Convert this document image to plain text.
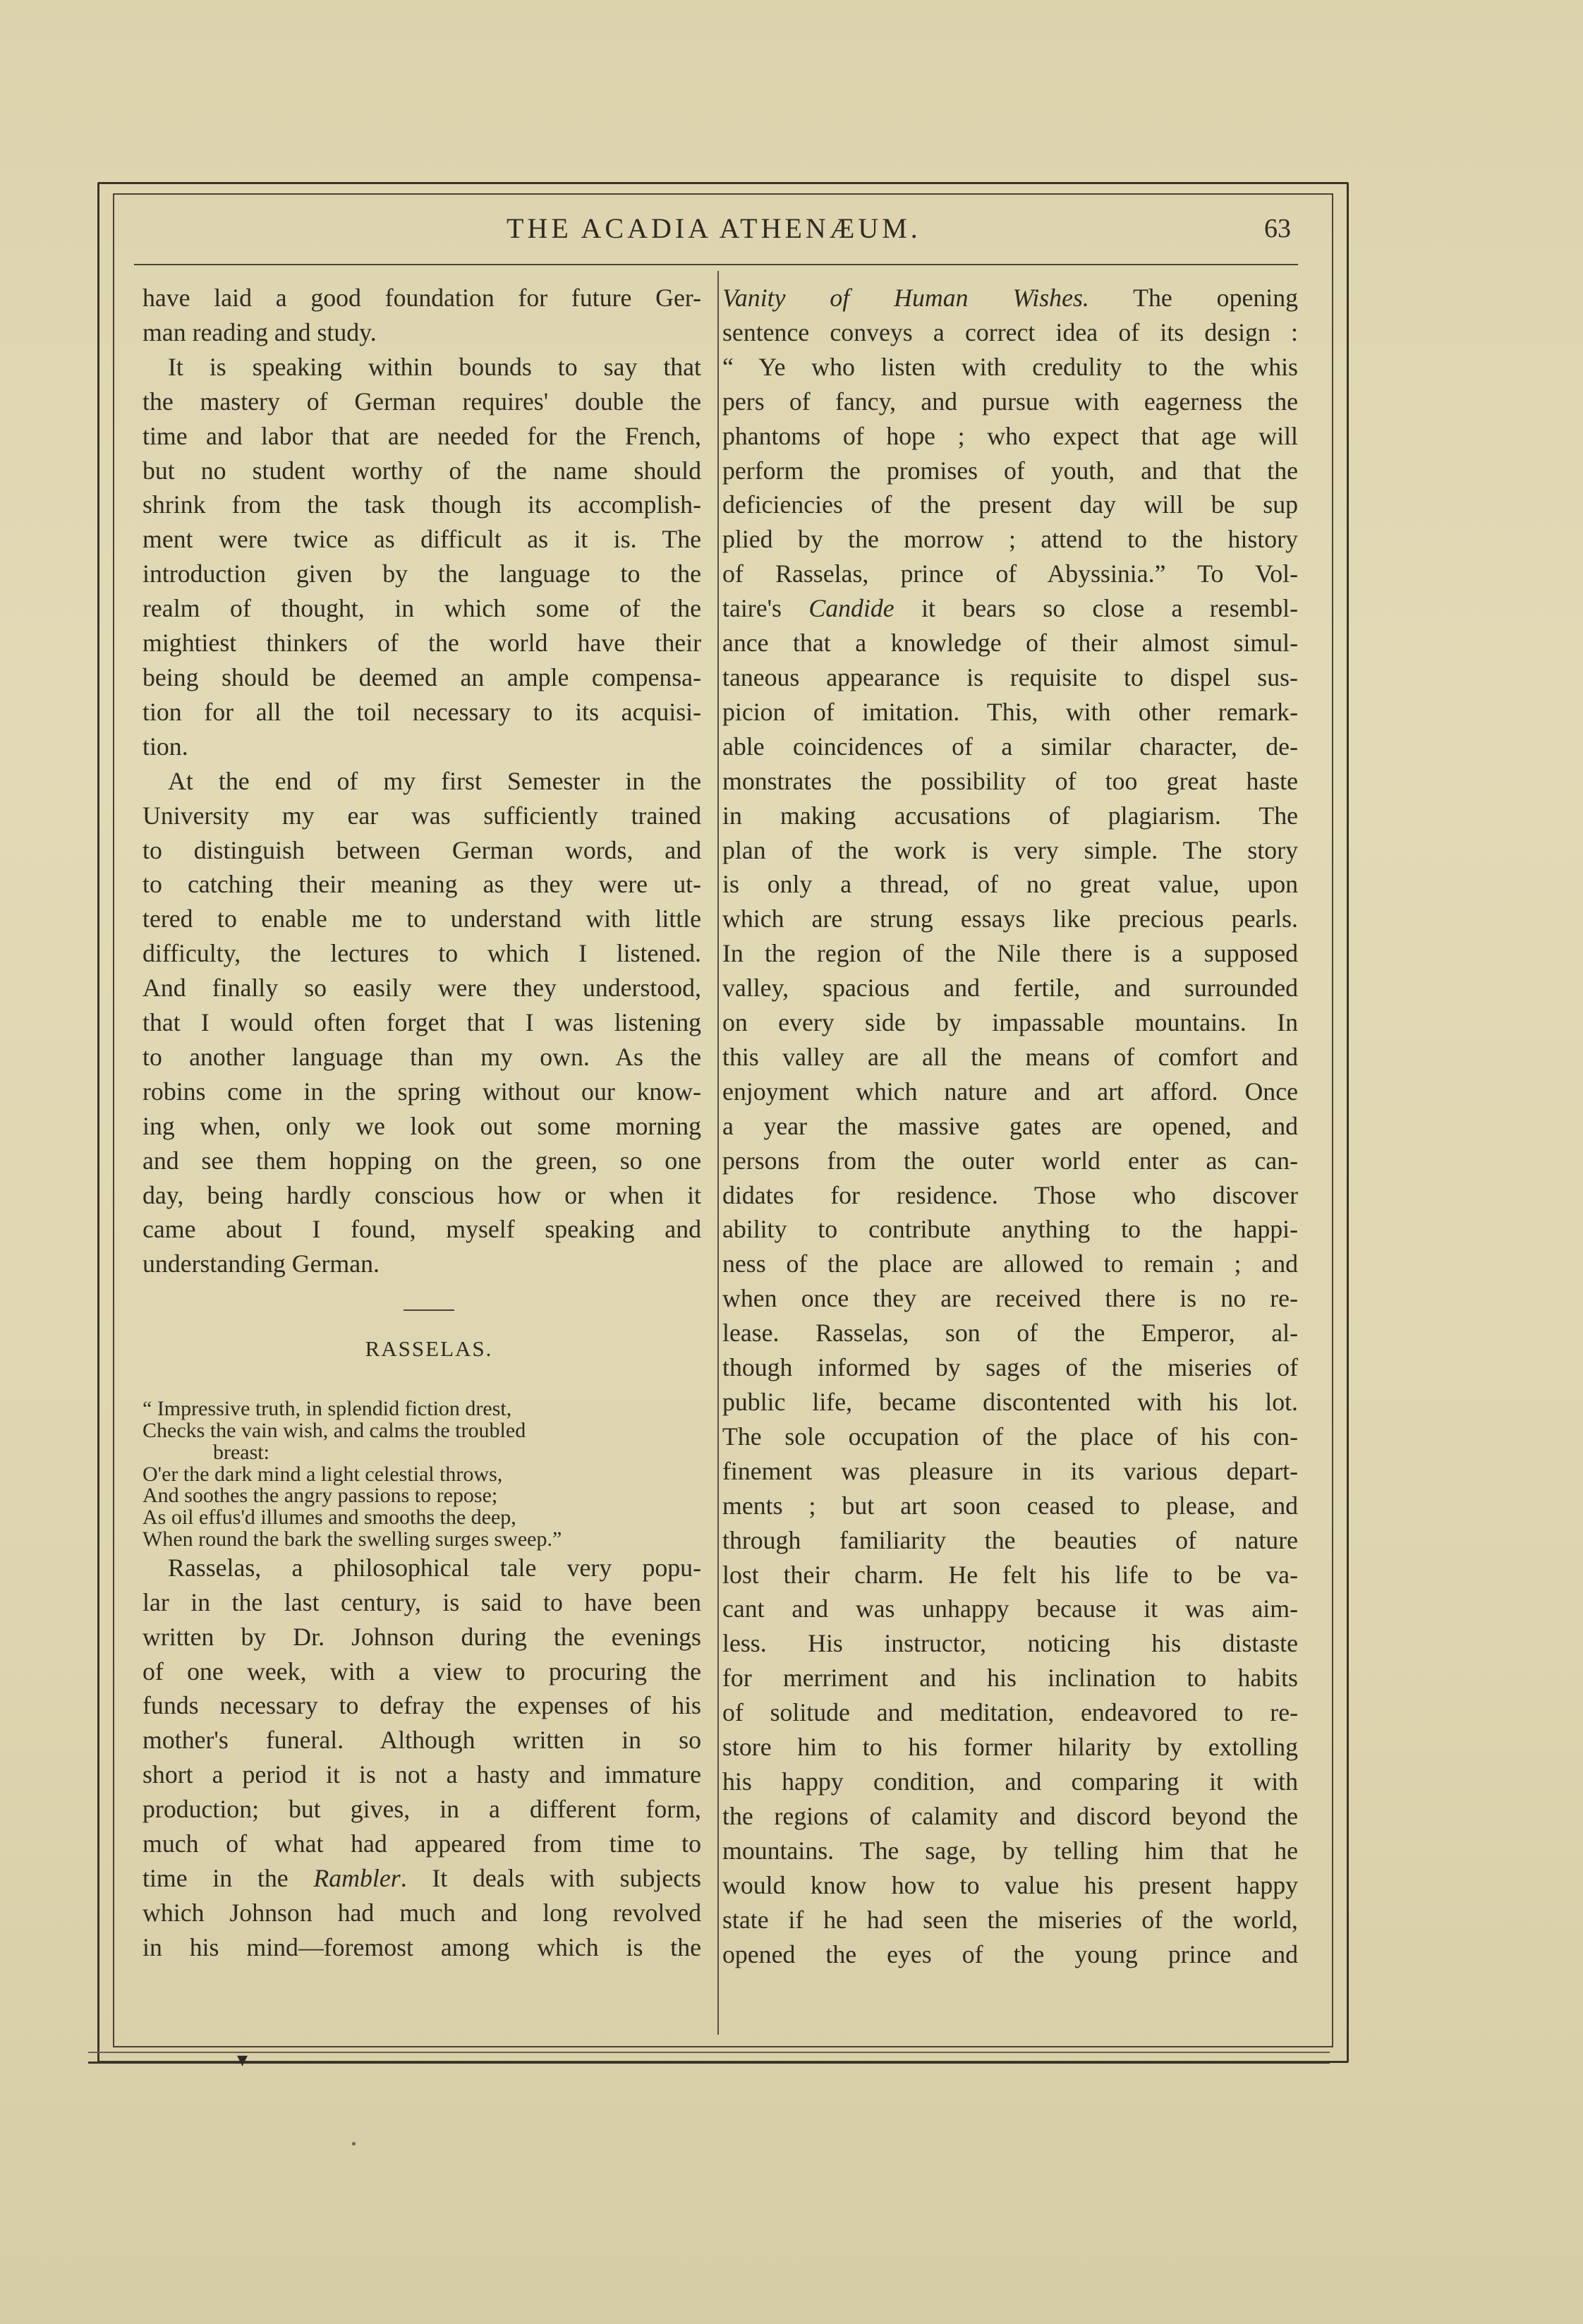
▾
THE ACADIA ATHENÆUM.	63

have laid a good foundation for future Ger-
man reading and study.

It is speaking within bounds to say that
the mastery of German requires' double the
time and labor that are needed for the French,
but no student worthy of the name should
shrink from the task though its accomplish-
ment were twice as difficult as it is. The
introduction given by the language to the
realm of thought, in which some of the
mightiest thinkers of the world have their
being should be deemed an ample compensa-
tion for all the toil necessary to its acquisi-
tion.

At the end of my first Semester in the
University my ear was sufficiently trained
to distinguish between German words, and
to catching their meaning as they were ut-
tered to enable me to understand with little
difficulty, the lectures to which I listened.
And finally so easily were they understood,
that I would often forget that I was listening
to another language than my own. As the
robins come in the spring without our know-
ing when, only we look out some morning
and see them hopping on the green, so one
day, being hardly conscious how or when it
came about I found, myself speaking and
understanding German.

RASSELAS.
“ Impressive truth, in splendid fiction drest,
Checks the vain wish, and calms the troubled
breast:
O'er the dark mind a light celestial throws,
And soothes the angry passions to repose;
As oil effus'd illumes and smooths the deep,
When round the bark the swelling surges sweep.”

Rasselas, a philosophical tale very popu-
lar in the last century, is said to have been
written by Dr. Johnson during the evenings
of one week, with a view to procuring the
funds necessary to defray the expenses of his
mother's funeral. Although written in so
short a period it is not a hasty and immature
production; but gives, in a different form,
much of what had appeared from time to
time in the Rambler. It deals with subjects
which Johnson had much and long revolved
in his mind—foremost among which is the

Vanity of Human Wishes. The opening
sentence conveys a correct idea of its design :
“ Ye who listen with credulity to the whis
pers of fancy, and pursue with eagerness the
phantoms of hope ; who expect that age will
perform the promises of youth, and that the
deficiencies of the present day will be sup
plied by the morrow ; attend to the history
of Rasselas, prince of Abyssinia.” To Vol-
taire's Candide it bears so close a resembl-
ance that a knowledge of their almost simul-
taneous appearance is requisite to dispel sus-
picion of imitation. This, with other remark-
able coincidences of a similar character, de-
monstrates the possibility of too great haste
in making accusations of plagiarism. The
plan of the work is very simple. The story
is only a thread, of no great value, upon
which are strung essays like precious pearls.
In the region of the Nile there is a supposed
valley, spacious and fertile, and surrounded
on every side by impassable mountains. In
this valley are all the means of comfort and
enjoyment which nature and art afford. Once
a year the massive gates are opened, and
persons from the outer world enter as can-
didates for residence. Those who discover
ability to contribute anything to the happi-
ness of the place are allowed to remain ; and
when once they are received there is no re-
lease. Rasselas, son of the Emperor, al-
though informed by sages of the miseries of
public life, became discontented with his lot.
The sole occupation of the place of his con-
finement was pleasure in its various depart-
ments ; but art soon ceased to please, and
through familiarity the beauties of nature
lost their charm. He felt his life to be va-
cant and was unhappy because it was aim-
less. His instructor, noticing his distaste
for merriment and his inclination to habits
of solitude and meditation, endeavored to re-
store him to his former hilarity by extolling
his happy condition, and comparing it with
the regions of calamity and discord beyond the
mountains. The sage, by telling him that he
would know how to value his present happy
state if he had seen the miseries of the world,
opened the eyes of the young prince and
